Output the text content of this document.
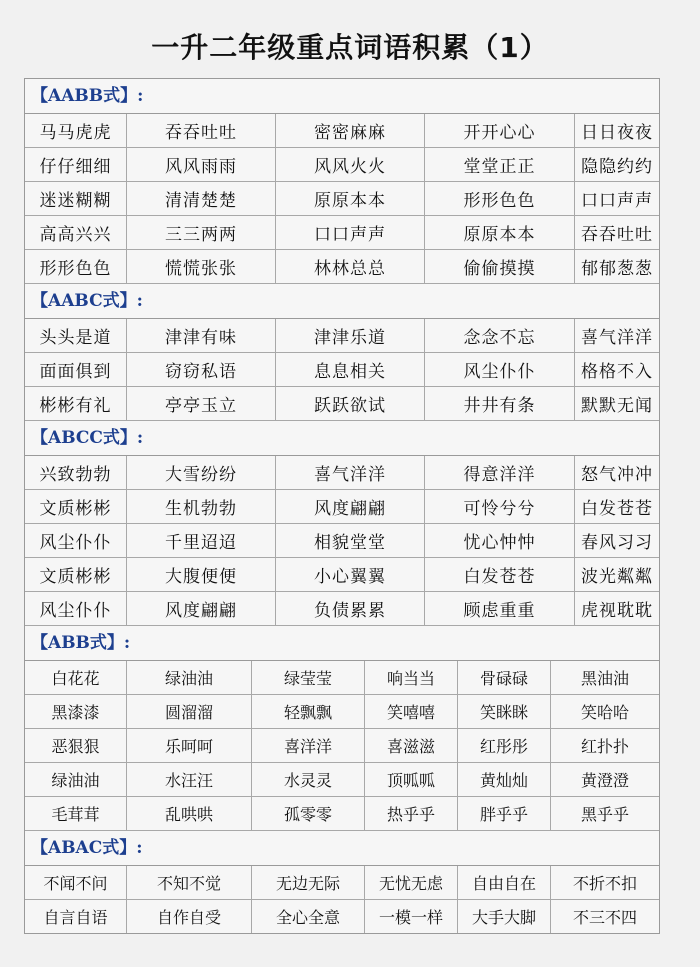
一升二年级重点词语积累（1）
【AABB式】:
马马虎虎	吞吞吐吐	密密麻麻	开开心心	日日夜夜
仔仔细细	风风雨雨	风风火火	堂堂正正	隐隐约约
迷迷糊糊	清清楚楚	原原本本	形形色色	口口声声
高高兴兴	三三两两	口口声声	原原本本	吞吞吐吐
形形色色	慌慌张张	林林总总	偷偷摸摸	郁郁葱葱
【AABC式】:
头头是道	津津有味	津津乐道	念念不忘	喜气洋洋
面面俱到	窃窃私语	息息相关	风尘仆仆	格格不入
彬彬有礼	亭亭玉立	跃跃欲试	井井有条	默默无闻
【ABCC式】:
兴致勃勃	大雪纷纷	喜气洋洋	得意洋洋	怒气冲冲
文质彬彬	生机勃勃	风度翩翩	可怜兮兮	白发苍苍
风尘仆仆	千里迢迢	相貌堂堂	忧心忡忡	春风习习
文质彬彬	大腹便便	小心翼翼	白发苍苍	波光粼粼
风尘仆仆	风度翩翩	负债累累	顾虑重重	虎视耽耽
【ABB式】:
白花花	绿油油	绿莹莹	响当当	骨碌碌	黑油油
黑漆漆	圆溜溜	轻飘飘	笑嘻嘻	笑眯眯	笑哈哈
恶狠狠	乐呵呵	喜洋洋	喜滋滋	红彤彤	红扑扑
绿油油	水汪汪	水灵灵	顶呱呱	黄灿灿	黄澄澄
毛茸茸	乱哄哄	孤零零	热乎乎	胖乎乎	黑乎乎
【ABAC式】:
不闻不问	不知不觉	无边无际	无忧无虑	自由自在	不折不扣
自言自语	自作自受	全心全意	一模一样	大手大脚	不三不四
